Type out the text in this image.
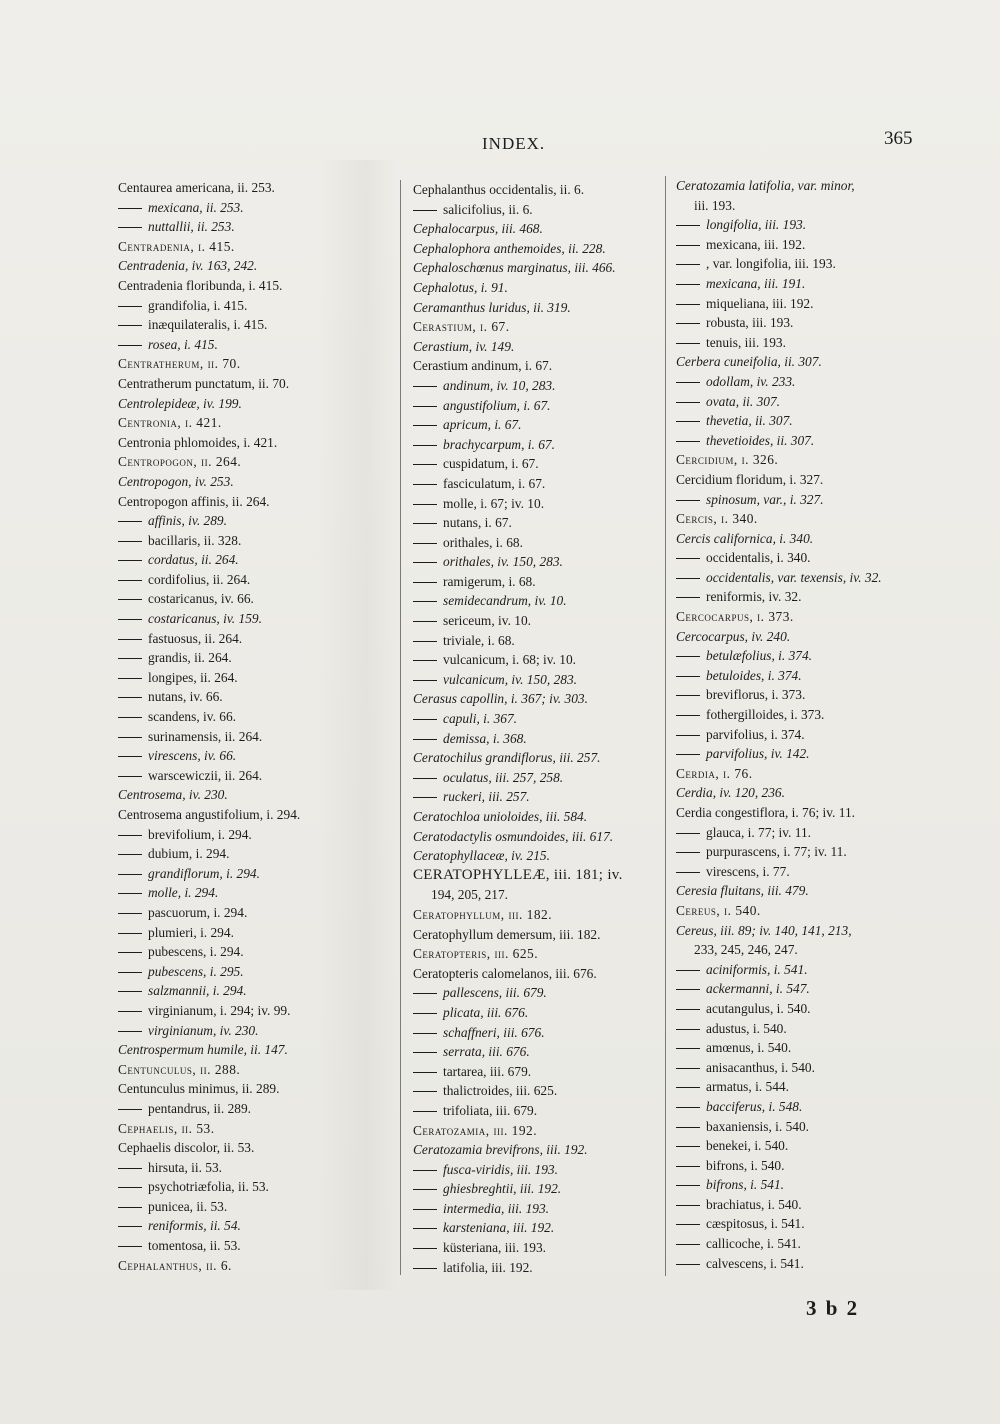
INDEX.	365
Centaurea americana, ii. 253.
mexicana, ii. 253.
nuttallii, ii. 253.
Centradenia, i. 415.
Centradenia, iv. 163, 242.
Centradenia floribunda, i. 415.
grandifolia, i. 415.
inæquilateralis, i. 415.
rosea, i. 415.
Centratherum, ii. 70.
Centratherum punctatum, ii. 70.
Centrolepideæ, iv. 199.
Centronia, i. 421.
Centronia phlomoides, i. 421.
Centropogon, ii. 264.
Centropogon, iv. 253.
Centropogon affinis, ii. 264.
affinis, iv. 289.
bacillaris, ii. 328.
cordatus, ii. 264.
cordifolius, ii. 264.
costaricanus, iv. 66.
costaricanus, iv. 159.
fastuosus, ii. 264.
grandis, ii. 264.
longipes, ii. 264.
nutans, iv. 66.
scandens, iv. 66.
surinamensis, ii. 264.
virescens, iv. 66.
warscewiczii, ii. 264.
Centrosema, iv. 230.
Centrosema angustifolium, i. 294.
brevifolium, i. 294.
dubium, i. 294.
grandiflorum, i. 294.
molle, i. 294.
pascuorum, i. 294.
plumieri, i. 294.
pubescens, i. 294.
pubescens, i. 295.
salzmannii, i. 294.
virginianum, i. 294; iv. 99.
virginianum, iv. 230.
Centrospermum humile, ii. 147.
Centunculus, ii. 288.
Centunculus minimus, ii. 289.
pentandrus, ii. 289.
Cephaelis, ii. 53.
Cephaelis discolor, ii. 53.
hirsuta, ii. 53.
psychotriæfolia, ii. 53.
punicea, ii. 53.
reniformis, ii. 54.
tomentosa, ii. 53.
Cephalanthus, ii. 6.
Cephalanthus occidentalis, ii. 6.
salicifolius, ii. 6.
Cephalocarpus, iii. 468.
Cephalophora anthemoides, ii. 228.
Cephaloschœnus marginatus, iii. 466.
Cephalotus, i. 91.
Ceramanthus luridus, ii. 319.
Cerastium, i. 67.
Cerastium, iv. 149.
Cerastium andinum, i. 67.
andinum, iv. 10, 283.
angustifolium, i. 67.
apricum, i. 67.
brachycarpum, i. 67.
cuspidatum, i. 67.
fasciculatum, i. 67.
molle, i. 67; iv. 10.
nutans, i. 67.
orithales, i. 68.
orithales, iv. 150, 283.
ramigerum, i. 68.
semidecandrum, iv. 10.
sericeum, iv. 10.
triviale, i. 68.
vulcanicum, i. 68; iv. 10.
vulcanicum, iv. 150, 283.
Cerasus capollin, i. 367; iv. 303.
capuli, i. 367.
demissa, i. 368.
Ceratochilus grandiflorus, iii. 257.
oculatus, iii. 257, 258.
ruckeri, iii. 257.
Ceratochloa unioloides, iii. 584.
Ceratodactylis osmundoides, iii. 617.
Ceratophyllaceæ, iv. 215.
CERATOPHYLLEÆ, iii. 181; iv.
194, 205, 217.
Ceratophyllum, iii. 182.
Ceratophyllum demersum, iii. 182.
Ceratopteris, iii. 625.
Ceratopteris calomelanos, iii. 676.
pallescens, iii. 679.
plicata, iii. 676.
schaffneri, iii. 676.
serrata, iii. 676.
tartarea, iii. 679.
thalictroides, iii. 625.
trifoliata, iii. 679.
Ceratozamia, iii. 192.
Ceratozamia brevifrons, iii. 192.
fusca-viridis, iii. 193.
ghiesbreghtii, iii. 192.
intermedia, iii. 193.
karsteniana, iii. 192.
küsteriana, iii. 193.
latifolia, iii. 192.
Ceratozamia latifolia, var. minor,
iii. 193.
longifolia, iii. 193.
mexicana, iii. 192.
, var. longifolia, iii. 193.
mexicana, iii. 191.
miqueliana, iii. 192.
robusta, iii. 193.
tenuis, iii. 193.
Cerbera cuneifolia, ii. 307.
odollam, iv. 233.
ovata, ii. 307.
thevetia, ii. 307.
thevetioides, ii. 307.
Cercidium, i. 326.
Cercidium floridum, i. 327.
spinosum, var., i. 327.
Cercis, i. 340.
Cercis californica, i. 340.
occidentalis, i. 340.
occidentalis, var. texensis, iv. 32.
reniformis, iv. 32.
Cercocarpus, i. 373.
Cercocarpus, iv. 240.
betulæfolius, i. 374.
betuloides, i. 374.
breviflorus, i. 373.
fothergilloides, i. 373.
parvifolius, i. 374.
parvifolius, iv. 142.
Cerdia, i. 76.
Cerdia, iv. 120, 236.
Cerdia congestiflora, i. 76; iv. 11.
glauca, i. 77; iv. 11.
purpurascens, i. 77; iv. 11.
virescens, i. 77.
Ceresia fluitans, iii. 479.
Cereus, i. 540.
Cereus, iii. 89; iv. 140, 141, 213,
233, 245, 246, 247.
aciniformis, i. 541.
ackermanni, i. 547.
acutangulus, i. 540.
adustus, i. 540.
amœnus, i. 540.
anisacanthus, i. 540.
armatus, i. 544.
bacciferus, i. 548.
baxaniensis, i. 540.
benekei, i. 540.
bifrons, i. 540.
bifrons, i. 541.
brachiatus, i. 540.
cæspitosus, i. 541.
callicoche, i. 541.
calvescens, i. 541.
3 b 2
